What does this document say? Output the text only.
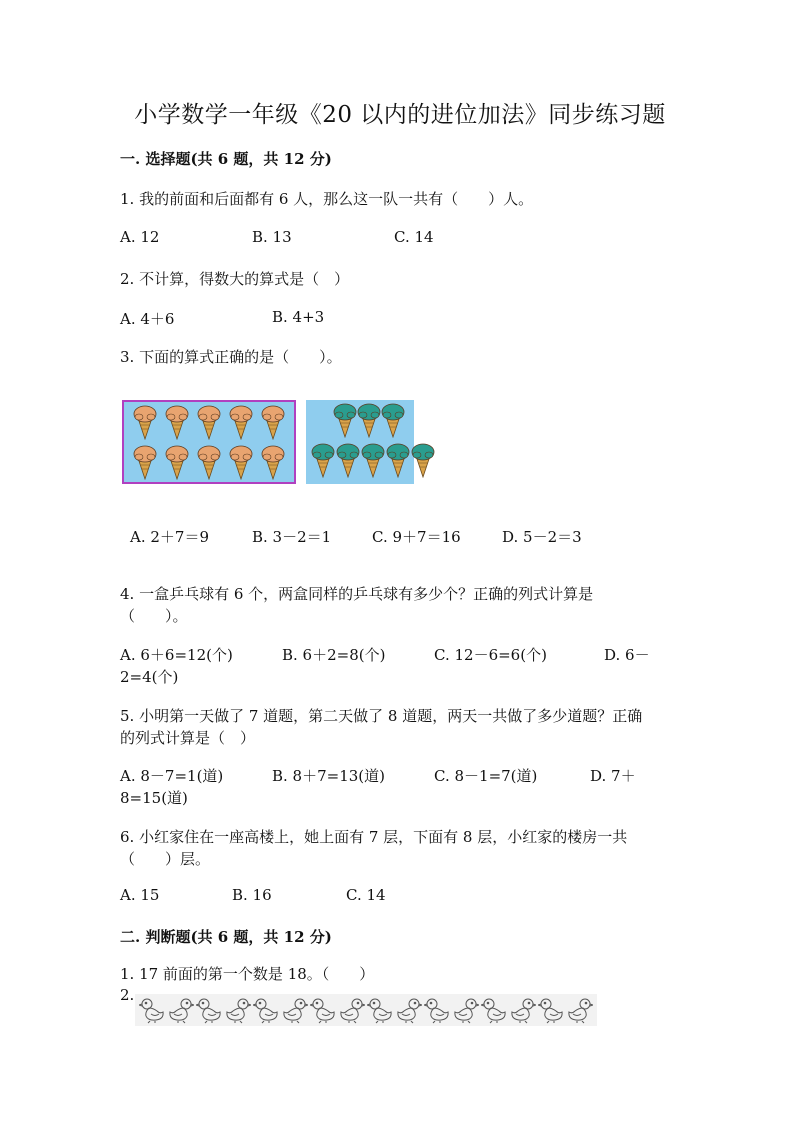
小学数学一年级《20 以内的进位加法》同步练习题
一. 选择题(共 6 题，共 12 分)
1. 我的前面和后面都有 6 人，那么这一队一共有（　　）人。
A. 12	B. 13	C. 14
2. 不计算，得数大的算式是（　）
A. 4＋6	B. 4+3
3. 下面的算式正确的是（　　）。
A. 2＋7＝9	B. 3－2＝1	C. 9＋7＝16	D. 5－2＝3
4. 一盒乒乓球有 6 个，两盒同样的乒乓球有多少个？正确的列式计算是
（　　）。
A. 6＋6=12(个)	B. 6＋2=8(个)	C. 12－6=6(个)	D. 6－
2=4(个)
5. 小明第一天做了 7 道题，第二天做了 8 道题，两天一共做了多少道题？正确
的列式计算是（　）
A. 8－7=1(道)	B. 8＋7=13(道)	C. 8－1=7(道)	D. 7＋
8=15(道)
6. 小红家住在一座高楼上，她上面有 7 层，下面有 8 层，小红家的楼房一共
（　　）层。
A. 15	B. 16	C. 14
二. 判断题(共 6 题，共 12 分)
1. 17 前面的第一个数是 18。（　　）
2.
